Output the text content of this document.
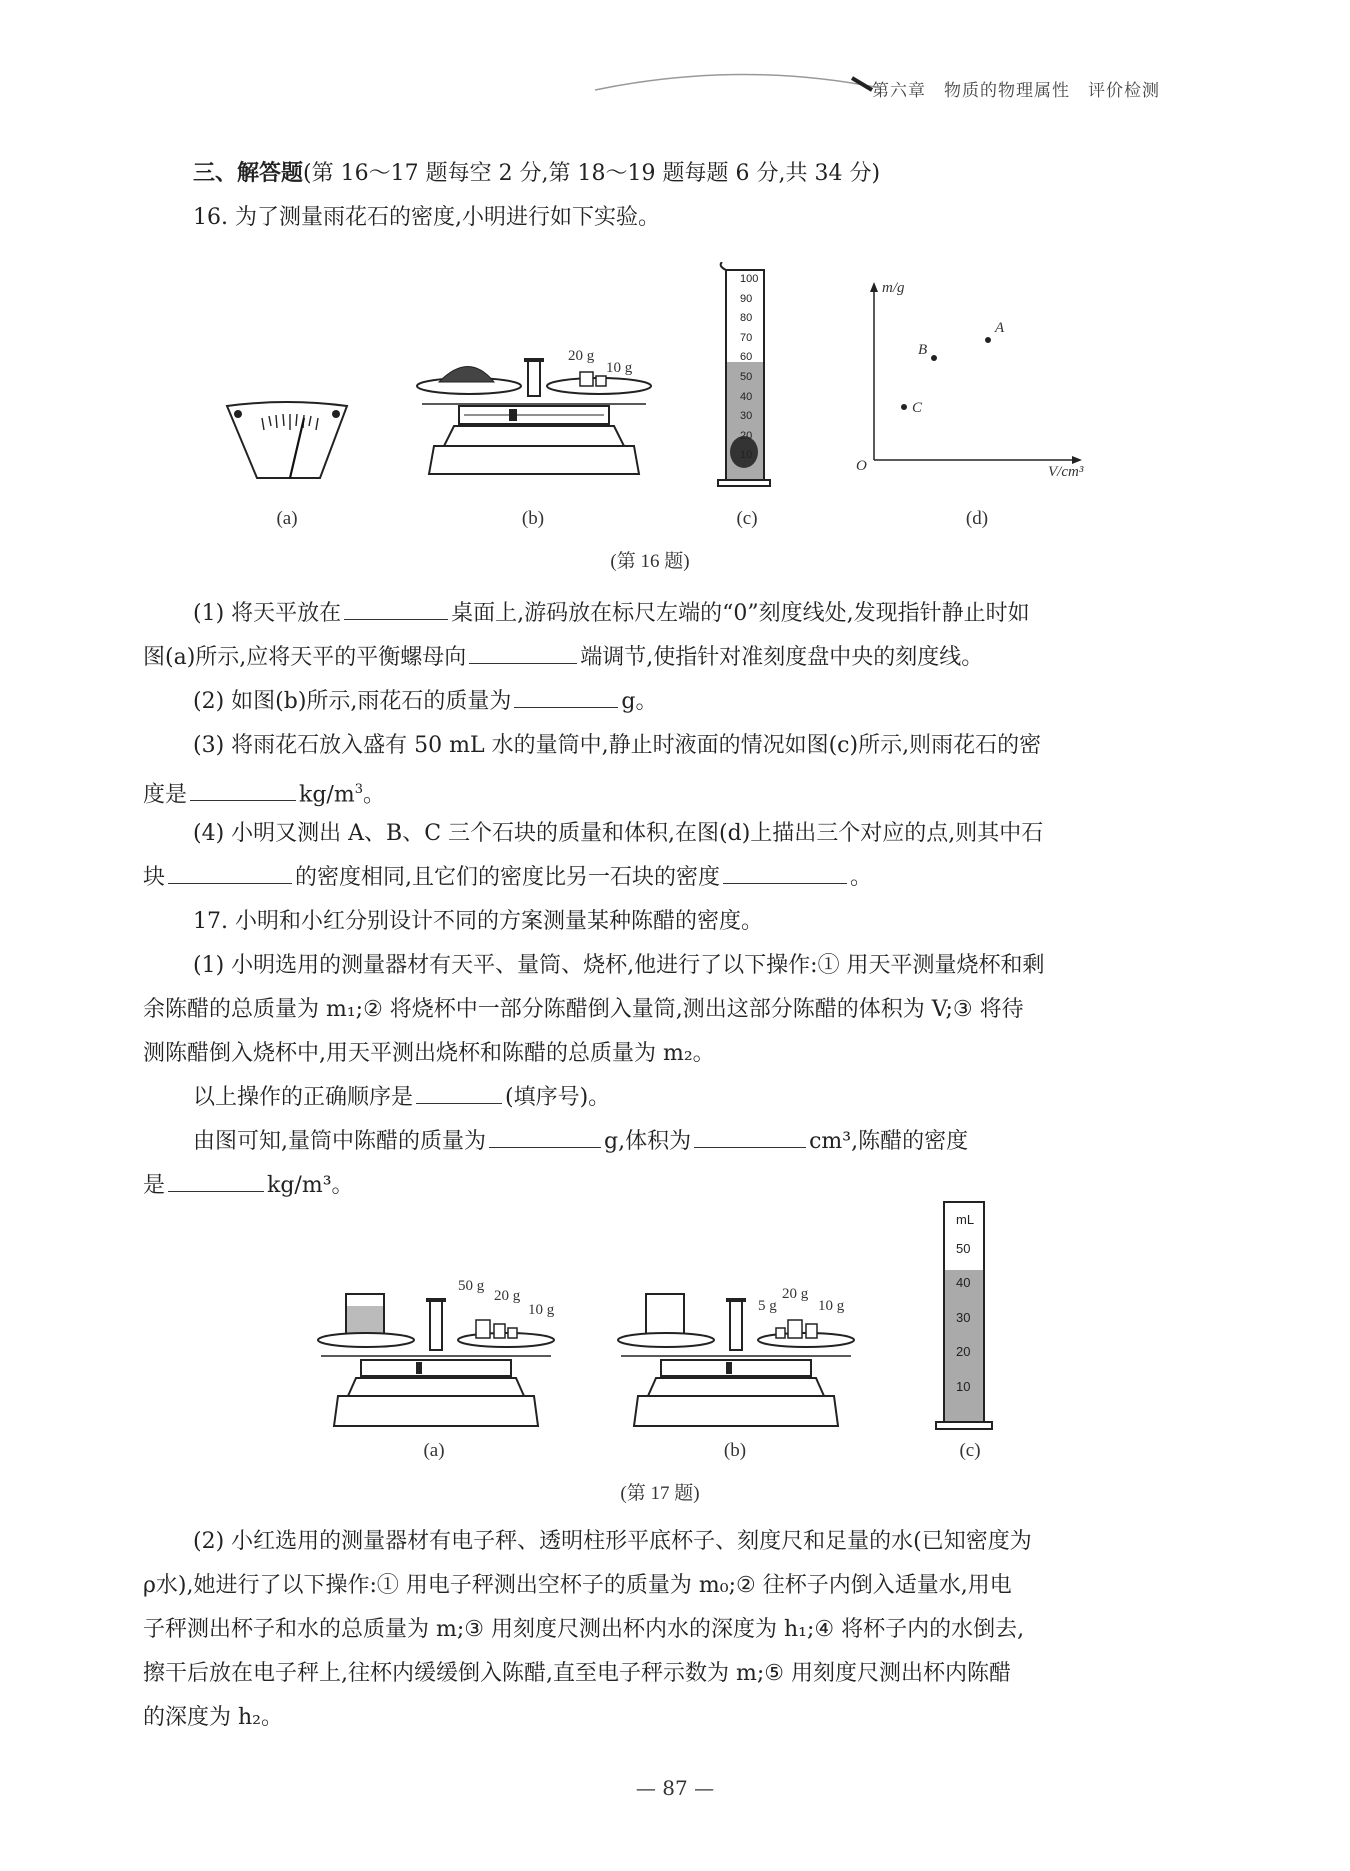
第六章　物质的物理属性　评价检测
三、解答题(第 16～17 题每空 2 分,第 18～19 题每题 6 分,共 34 分)
16. 为了测量雨花石的密度,小明进行如下实验。
(a)
20 g
10 g
(b)
100
90
80
70
60
50
40
30
20
10
(c)
m/g
V/cm³
O
A
B
C
(d)
(第 16 题)
(1) 将天平放在	桌面上,游码放在标尺左端的“0”刻度线处,发现指针静止时如
图(a)所示,应将天平的平衡螺母向	端调节,使指针对准刻度盘中央的刻度线。
(2) 如图(b)所示,雨花石的质量为	g。
(3) 将雨花石放入盛有 50 mL 水的量筒中,静止时液面的情况如图(c)所示,则雨花石的密
度是	$kg/m^3$。
(4) 小明又测出 A、B、C 三个石块的质量和体积,在图(d)上描出三个对应的点,则其中石
块	的密度相同,且它们的密度比另一石块的密度	。
17. 小明和小红分别设计不同的方案测量某种陈醋的密度。
(1) 小明选用的测量器材有天平、量筒、烧杯,他进行了以下操作:① 用天平测量烧杯和剩
余陈醋的总质量为 m₁;② 将烧杯中一部分陈醋倒入量筒,测出这部分陈醋的体积为 V;③ 将待
测陈醋倒入烧杯中,用天平测出烧杯和陈醋的总质量为 m₂。
以上操作的正确顺序是	(填序号)。
由图可知,量筒中陈醋的质量为	g,体积为	cm³,陈醋的密度
是	kg/m³。
50 g
20 g
10 g
(a)
5 g
20 g
10 g
(b)
mL
50
40
30
20
10
(c)
(第 17 题)
(2) 小红选用的测量器材有电子秤、透明柱形平底杯子、刻度尺和足量的水(已知密度为
ρ水),她进行了以下操作:① 用电子秤测出空杯子的质量为 m₀;② 往杯子内倒入适量水,用电
子秤测出杯子和水的总质量为 m;③ 用刻度尺测出杯内水的深度为 h₁;④ 将杯子内的水倒去,
擦干后放在电子秤上,往杯内缓缓倒入陈醋,直至电子秤示数为 m;⑤ 用刻度尺测出杯内陈醋
的深度为 h₂。
— 87 —
